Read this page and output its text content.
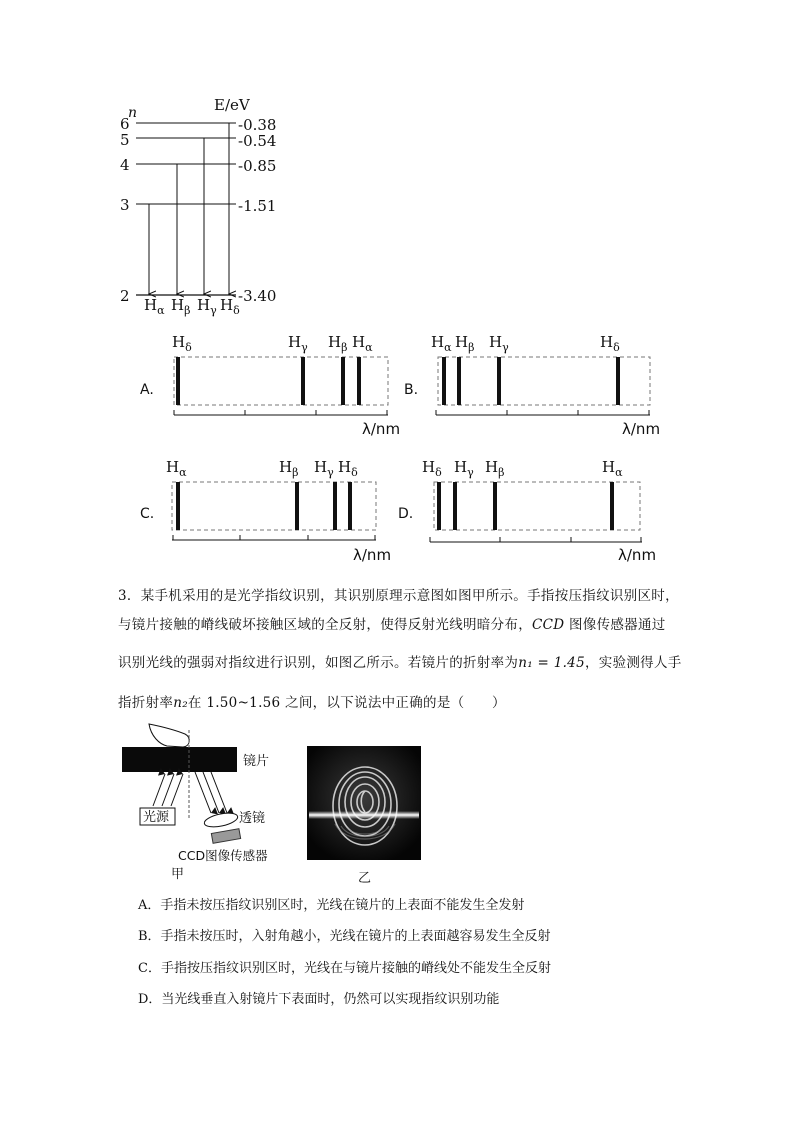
n	E/eV
6
5
4
3
2
-0.38
-0.54
-0.85
-1.51
-3.40
$H_\alpha$ $H_\beta$ $H_\gamma$ $H_\delta$
A.
$H_\delta$	$H_\gamma$ $H_\beta$ $H_\alpha$
λ/nm
B.
$H_\alpha$ $H_\beta$ $H_\gamma$	$H_\delta$
λ/nm
C.
$H_\alpha$	$H_\beta$ $H_\gamma$ $H_\delta$
λ/nm
D.
$H_\delta$ $H_\gamma$ $H_\beta$	$H_\alpha$
λ/nm
3．某手机采用的是光学指纹识别，其识别原理示意图如图甲所示。手指按压指纹识别区时，
与镜片接触的嵴线破坏接触区域的全反射，使得反射光线明暗分布，CCD 图像传感器通过
识别光线的强弱对指纹进行识别，如图乙所示。若镜片的折射率为n₁ = 1.45，实验测得人手
指折射率n₂在 1.50~1.56 之间，以下说法中正确的是（　　）
光源	透镜
镜片
CCD图像传感器
甲	乙
A．手指未按压指纹识别区时，光线在镜片的上表面不能发生全发射
B．手指未按压时，入射角越小，光线在镜片的上表面越容易发生全反射
C．手指按压指纹识别区时，光线在与镜片接触的嵴线处不能发生全反射
D．当光线垂直入射镜片下表面时，仍然可以实现指纹识别功能
